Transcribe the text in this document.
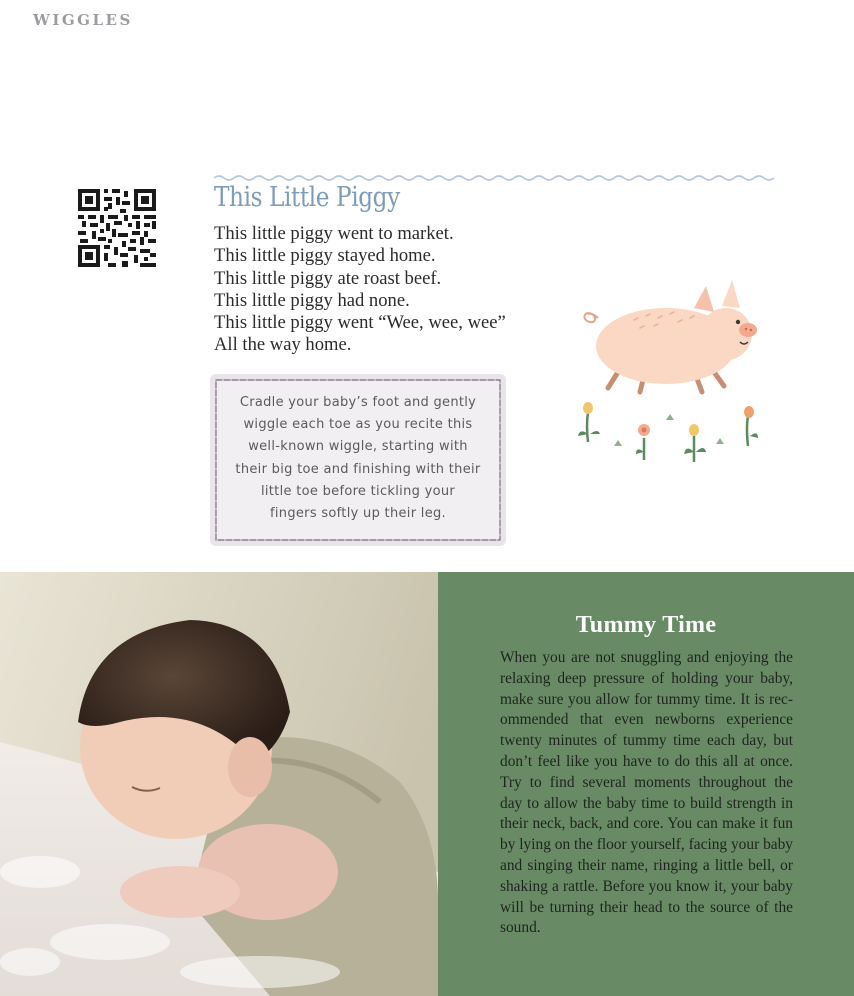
WIGGLES
This Little Piggy
This little piggy went to market.
This little piggy stayed home.
This little piggy ate roast beef.
This little piggy had none.
This little piggy went “Wee, wee, wee”
All the way home.
Cradle your baby’s foot and gently
wiggle each toe as you recite this
well-known wiggle, starting with
their big toe and finishing with their
little toe before tickling your
fingers softly up their leg.
Tummy Time

When you are not snuggling and enjoying the relaxing deep pressure of holding your baby, make sure you allow for tummy time. It is rec-ommended that even newborns experience twenty minutes of tummy time each day, but don’t feel like you have to do this all at once. Try to find several moments throughout the day to allow the baby time to build strength in their neck, back, and core. You can make it fun by lying on the floor yourself, facing your baby and singing their name, ringing a little bell, or shaking a rattle. Before you know it, your baby will be turning their head to the source of the sound.
